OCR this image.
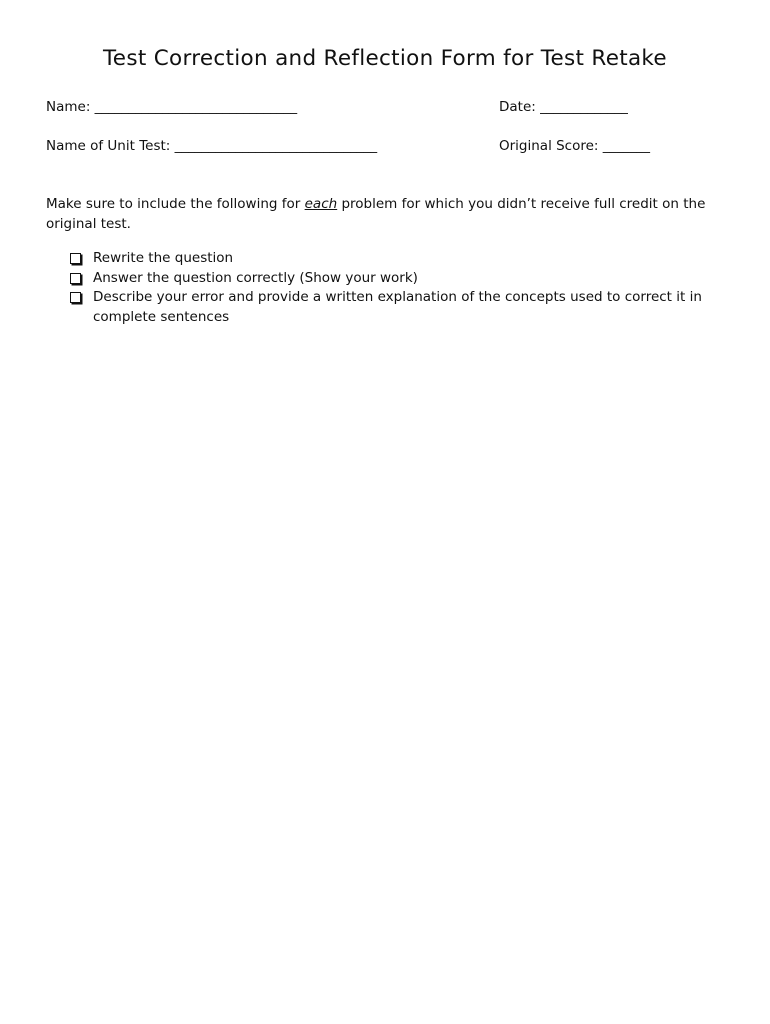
Test Correction and Reflection Form for Test Retake
Name: ______________________________	Date: _____________
Name of Unit Test: ______________________________	Original Score: _______

Make sure to include the following for each problem for which you didn’t receive full credit on the original test.

Rewrite the question
Answer the question correctly (Show your work)
Describe your error and provide a written explanation of the concepts used to correct it in complete sentences
